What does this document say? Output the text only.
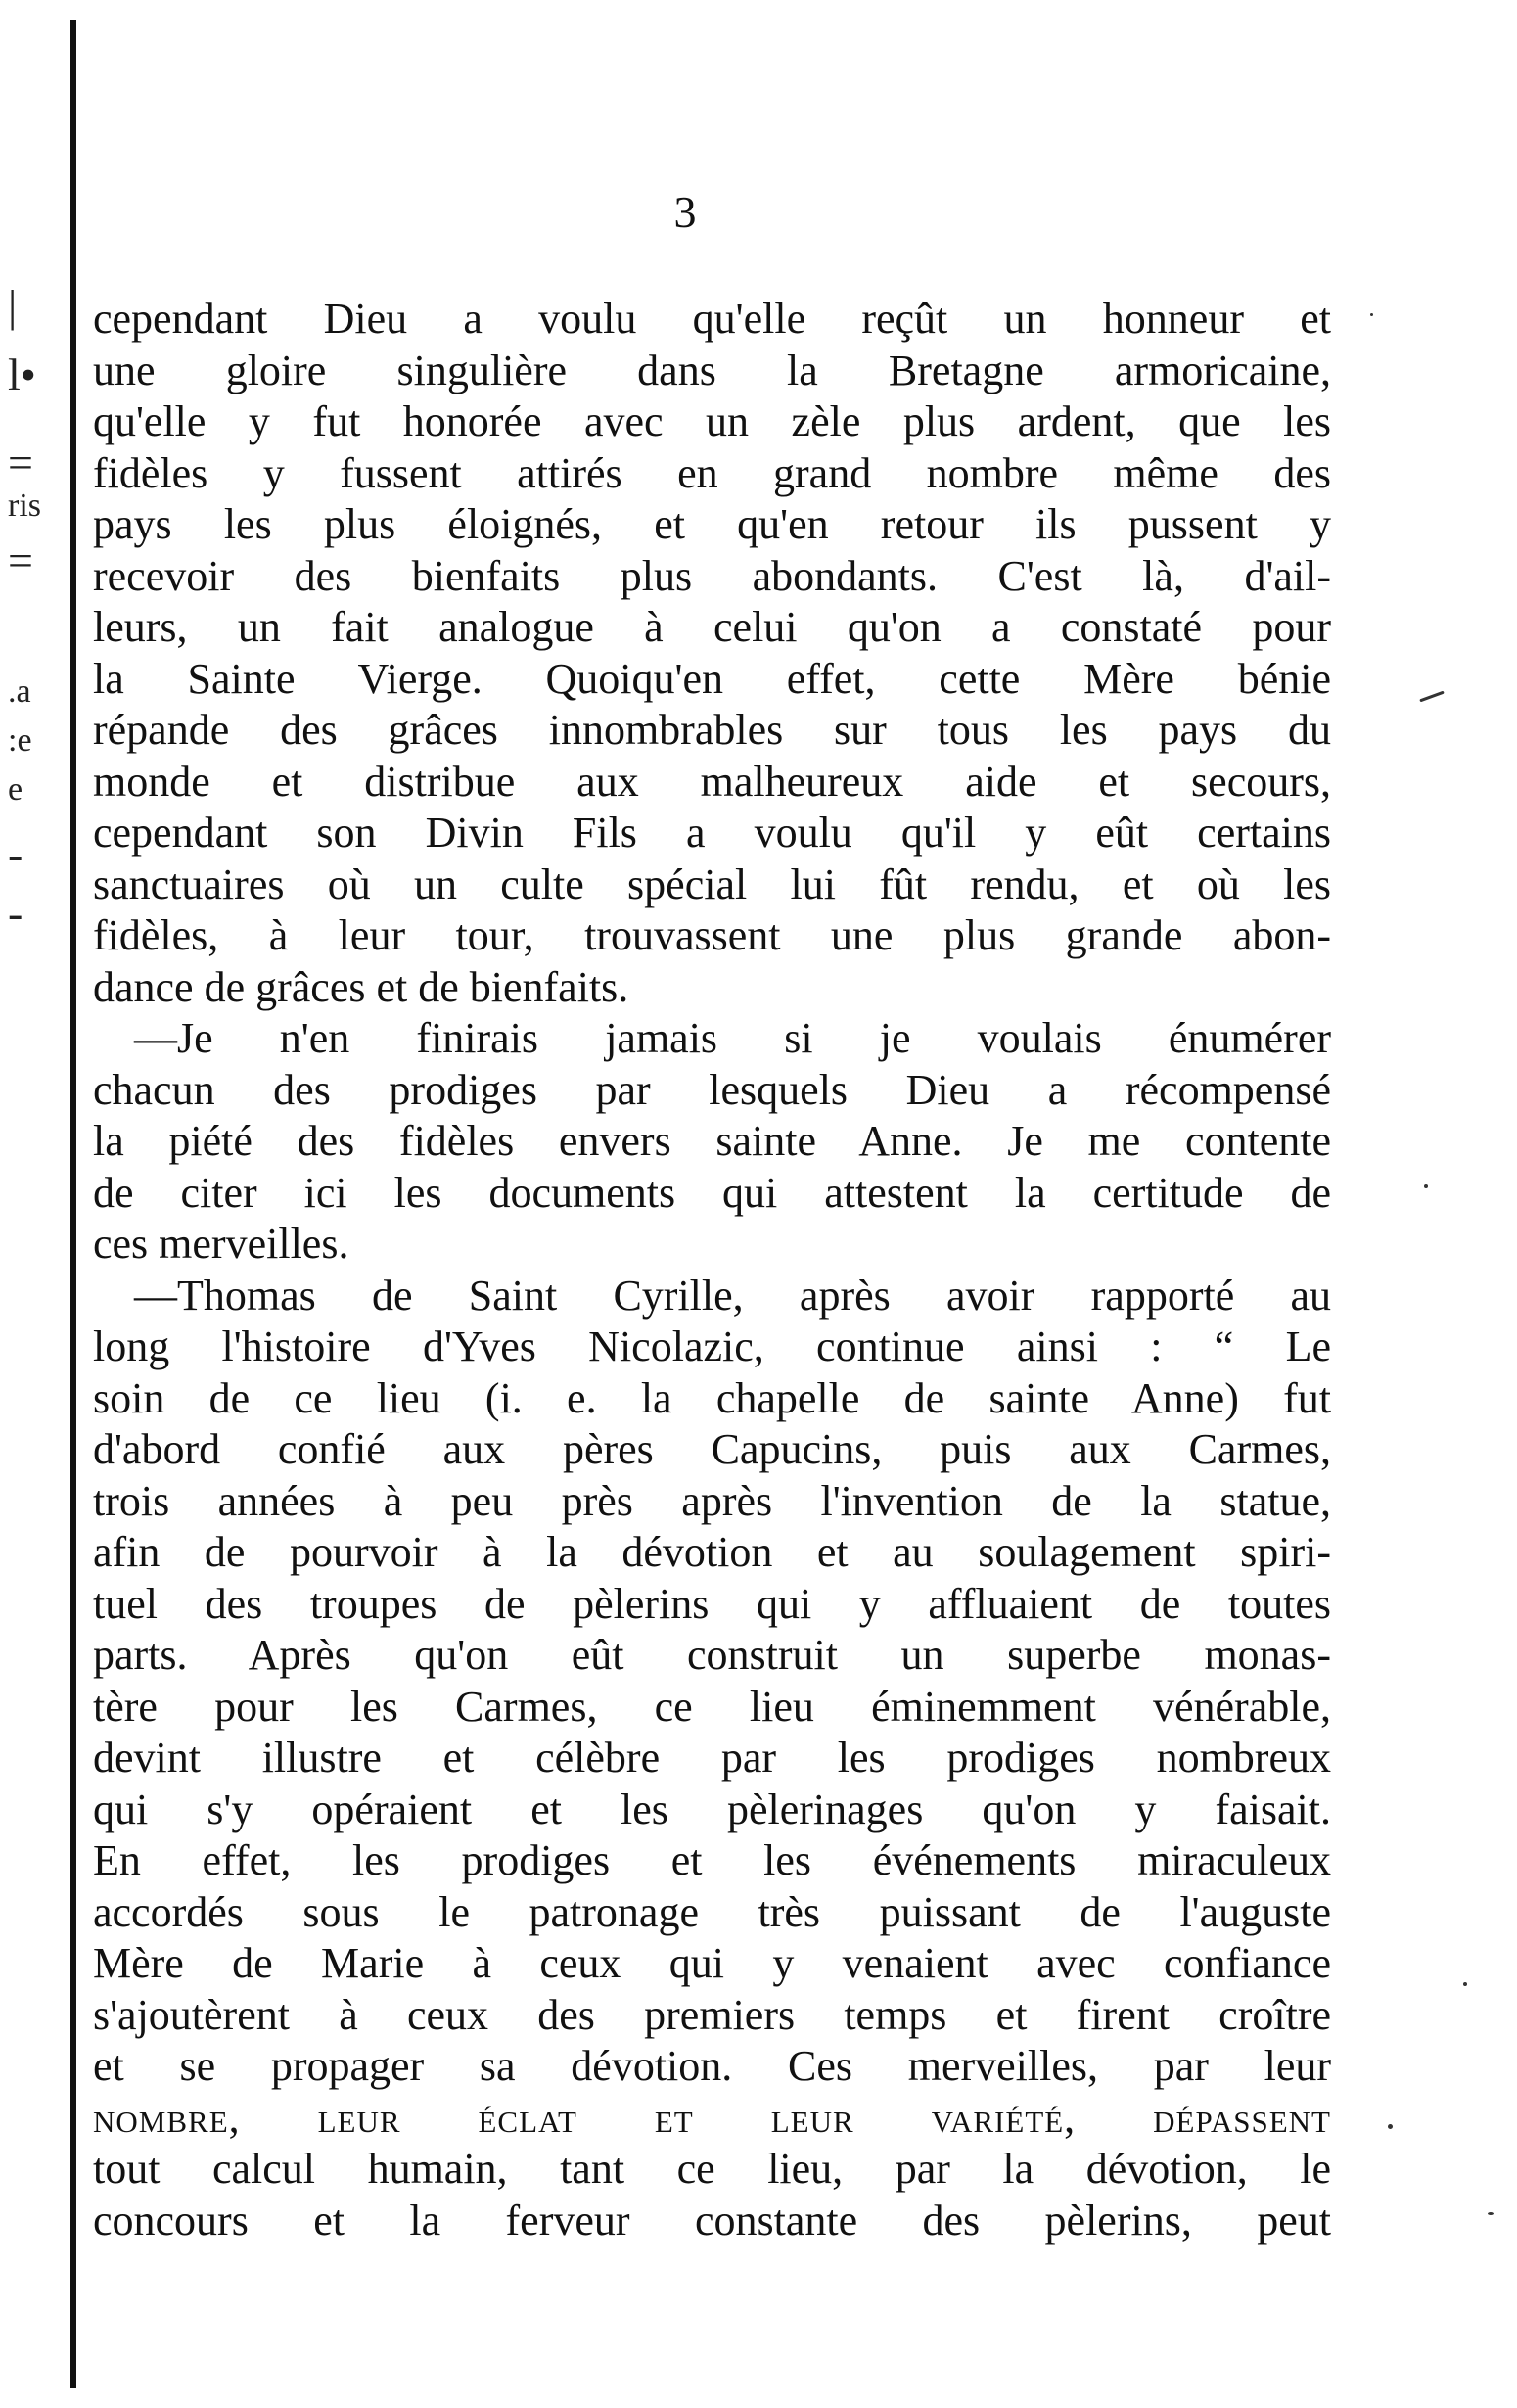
|
l•
=
ris
=
.a
:e
e
-
-
3
cependant Dieu a voulu qu'elle reçût un honneur et
une gloire singulière dans la Bretagne armoricaine,
qu'elle y fut honorée avec un zèle plus ardent, que les
fidèles y fussent attirés en grand nombre même des
pays les plus éloignés, et qu'en retour ils pussent y
recevoir des bienfaits plus abondants. C'est là, d'ail-
leurs, un fait analogue à celui qu'on a constaté pour
la Sainte Vierge. Quoiqu'en effet, cette Mère bénie
répande des grâces innombrables sur tous les pays du
monde et distribue aux malheureux aide et secours,
cependant son Divin Fils a voulu qu'il y eût certains
sanctuaires où un culte spécial lui fût rendu, et où les
fidèles, à leur tour, trouvassent une plus grande abon-
dance de grâces et de bienfaits.
—Je n'en finirais jamais si je voulais énumérer
chacun des prodiges par lesquels Dieu a récompensé
la piété des fidèles envers sainte Anne. Je me contente
de citer ici les documents qui attestent la certitude de
ces merveilles.
—Thomas de Saint Cyrille, après avoir rapporté au
long l'histoire d'Yves Nicolazic, continue ainsi : “ Le
soin de ce lieu (i. e. la chapelle de sainte Anne) fut
d'abord confié aux pères Capucins, puis aux Carmes,
trois années à peu près après l'invention de la statue,
afin de pourvoir à la dévotion et au soulagement spiri-
tuel des troupes de pèlerins qui y affluaient de toutes
parts. Après qu'on eût construit un superbe monas-
tère pour les Carmes, ce lieu éminemment vénérable,
devint illustre et célèbre par les prodiges nombreux
qui s'y opéraient et les pèlerinages qu'on y faisait.
En effet, les prodiges et les événements miraculeux
accordés sous le patronage très puissant de l'auguste
Mère de Marie à ceux qui y venaient avec confiance
s'ajoutèrent à ceux des premiers temps et firent croître
et se propager sa dévotion. Ces merveilles, par leur
nombre, leur éclat et leur variété, dépassent
tout calcul humain, tant ce lieu, par la dévotion, le
concours et la ferveur constante des pèlerins, peut
